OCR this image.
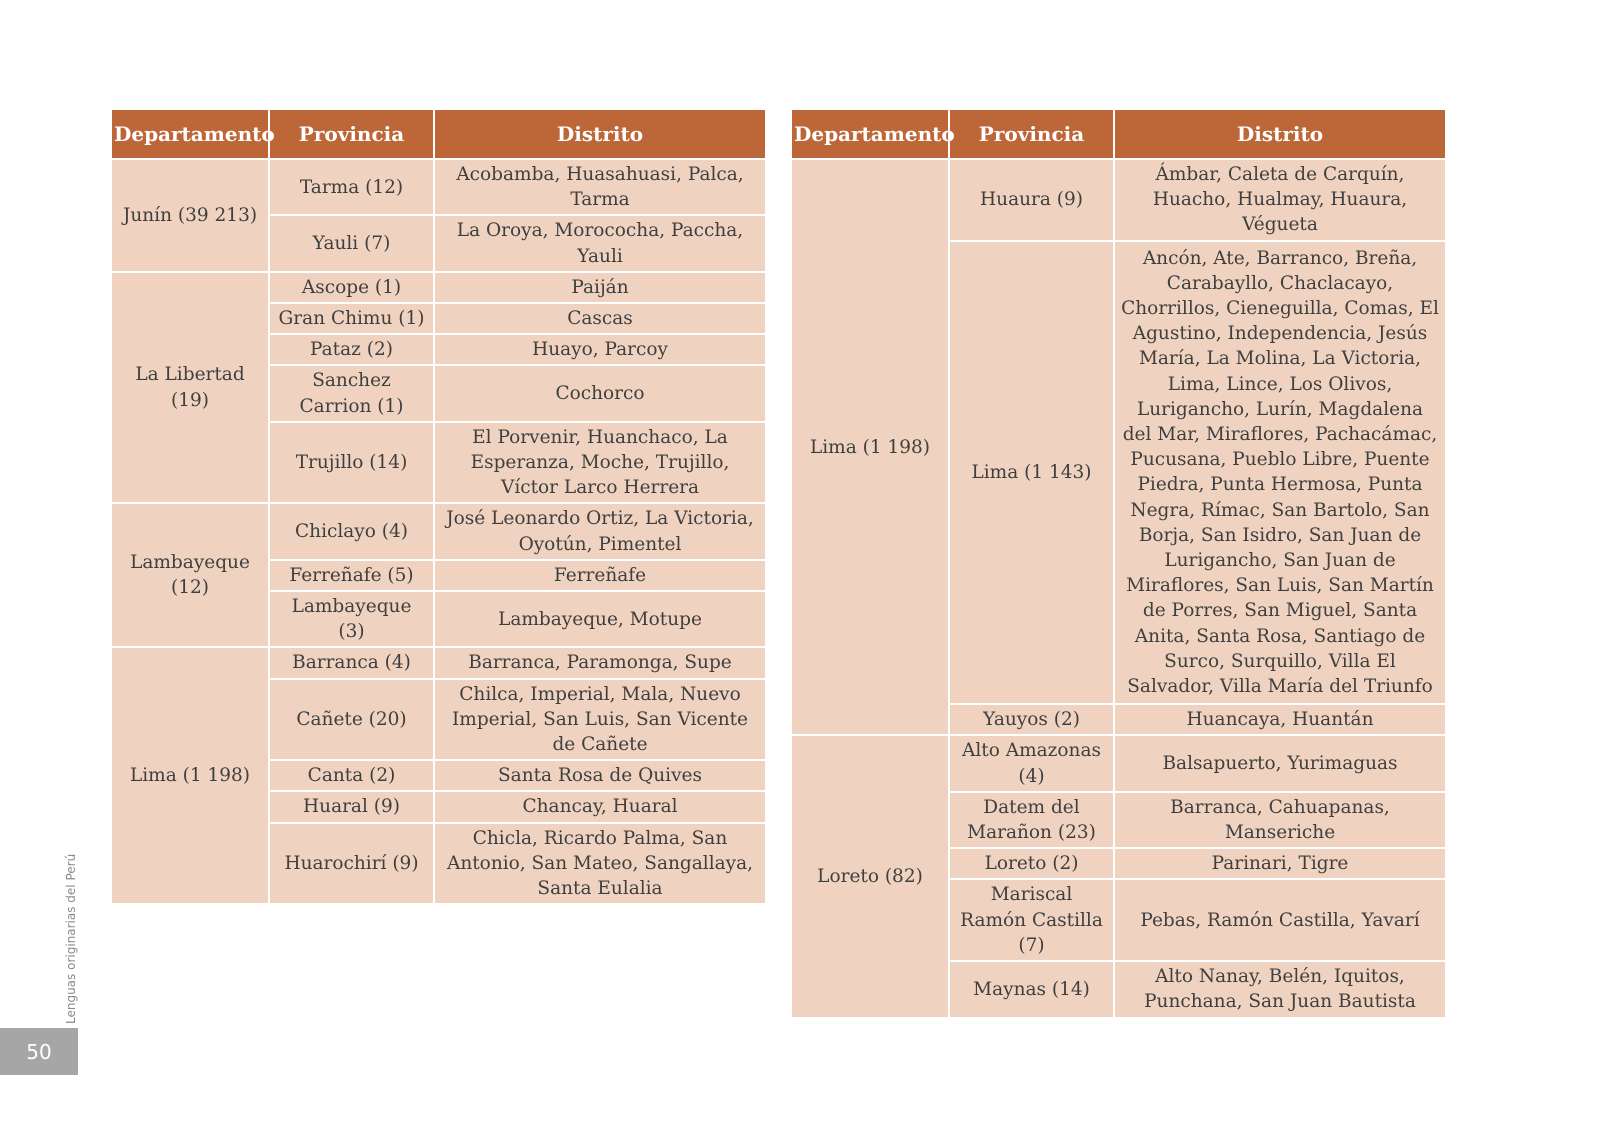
Departamento	Provincia	Distrito
Junín (39 213)	Tarma (12)	Acobamba, Huasahuasi, Palca, Tarma
	Yauli (7)	La Oroya, Morococha, Paccha, Yauli
La Libertad (19)	Ascope (1)	Paiján
	Gran Chimu (1)	Cascas
	Pataz (2)	Huayo, Parcoy
	Sanchez Carrion (1)	Cochorco
	Trujillo (14)	El Porvenir, Huanchaco, La Esperanza, Moche, Trujillo, Víctor Larco Herrera
Lambayeque (12)	Chiclayo (4)	José Leonardo Ortiz, La Victoria, Oyotún, Pimentel
	Ferreñafe (5)	Ferreñafe
	Lambayeque (3)	Lambayeque, Motupe
Lima (1 198)	Barranca (4)	Barranca, Paramonga, Supe
	Cañete (20)	Chilca, Imperial, Mala, Nuevo Imperial, San Luis, San Vicente de Cañete
	Canta (2)	Santa Rosa de Quives
	Huaral (9)	Chancay, Huaral
	Huarochirí (9)	Chicla, Ricardo Palma, San Antonio, San Mateo, Sangallaya, Santa Eulalia
Departamento	Provincia	Distrito
Lima (1 198)	Huaura (9)	Ámbar, Caleta de Carquín, Huacho, Hualmay, Huaura, Végueta
	Lima (1 143)	Ancón, Ate, Barranco, Breña, Carabayllo, Chaclacayo, Chorrillos, Cieneguilla, Comas, El Agustino, Independencia, Jesús María, La Molina, La Victoria, Lima, Lince, Los Olivos, Lurigancho, Lurín, Magdalena del Mar, Miraflores, Pachacámac, Pucusana, Pueblo Libre, Puente Piedra, Punta Hermosa, Punta Negra, Rímac, San Bartolo, San Borja, San Isidro, San Juan de Lurigancho, San Juan de Miraflores, San Luis, San Martín de Porres, San Miguel, Santa Anita, Santa Rosa, Santiago de Surco, Surquillo, Villa El Salvador, Villa María del Triunfo
	Yauyos (2)	Huancaya, Huantán
Loreto (82)	Alto Amazonas (4)	Balsapuerto, Yurimaguas
	Datem del Marañon (23)	Barranca, Cahuapanas, Manseriche
	Loreto (2)	Parinari, Tigre
	Mariscal Ramón Castilla (7)	Pebas, Ramón Castilla, Yavarí
	Maynas (14)	Alto Nanay, Belén, Iquitos, Punchana, San Juan Bautista
Lenguas originarias del Perú
50
